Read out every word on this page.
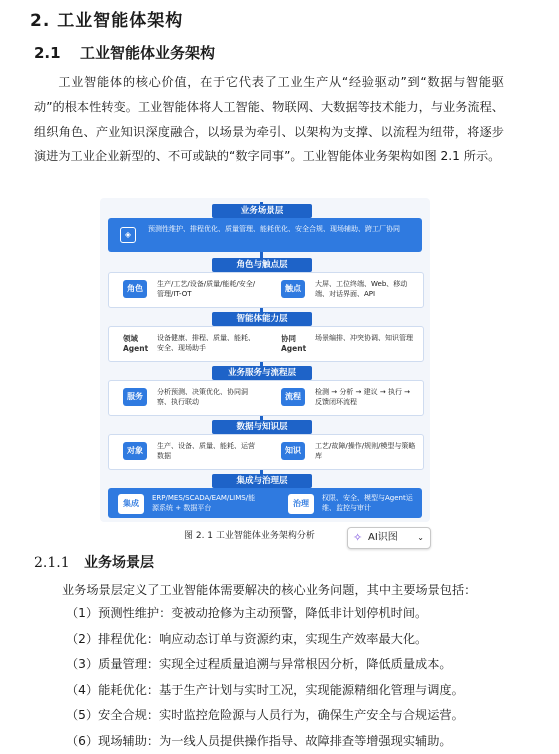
2. 工业智能体架构
2.1 工业智能体业务架构
工业智能体的核心价值，在于它代表了工业生产从“经验驱动”到“数据与智能驱动”的根本性转变。工业智能体将人工智能、物联网、大数据等技术能力，与业务流程、组织角色、产业知识深度融合，以场景为牵引、以架构为支撑、以流程为纽带，将逐步演进为工业企业新型的、不可或缺的“数字同事”。工业智能体业务架构如图 2.1 所示。
业务场景层
◈
预测性维护、排程优化、质量管理、能耗优化、安全合规、现场辅助、跨工厂协同
角色与触点层
角色	生产/工艺/设备/质量/能耗/安全/管理/IT-OT
触点	大屏、工位终端、Web、移动端、对话界面、API
智能体能力层
领域 Agent
设备健康、排程、质量、能耗、安全、现场助手
协同 Agent
场景编排、冲突协调、知识管理
业务服务与流程层
服务	分析预测、决策优化、协同洞察、执行联动
流程	检测 → 分析 → 建议 → 执行 → 反馈闭环流程
数据与知识层
对象	生产、设备、质量、能耗、运营数据
知识	工艺/故障/操作/规则/模型与策略库
集成与治理层
集成
ERP/MES/SCADA/EAM/LIMS/能源系统 + 数据平台	治理
权限、安全、模型与Agent运维、监控与审计
图 2. 1 工业智能体业务架构分析	✧ AI识图 ⌄
2.1.1 业务场景层
业务场景层定义了工业智能体需要解决的核心业务问题，其中主要场景包括：
（1）预测性维护：变被动抢修为主动预警，降低非计划停机时间。
（2）排程优化：响应动态订单与资源约束，实现生产效率最大化。
（3）质量管理：实现全过程质量追溯与异常根因分析，降低质量成本。
（4）能耗优化：基于生产计划与实时工况，实现能源精细化管理与调度。
（5）安全合规：实时监控危险源与人员行为，确保生产安全与合规运营。
（6）现场辅助：为一线人员提供操作指导、故障排查等增强现实辅助。
